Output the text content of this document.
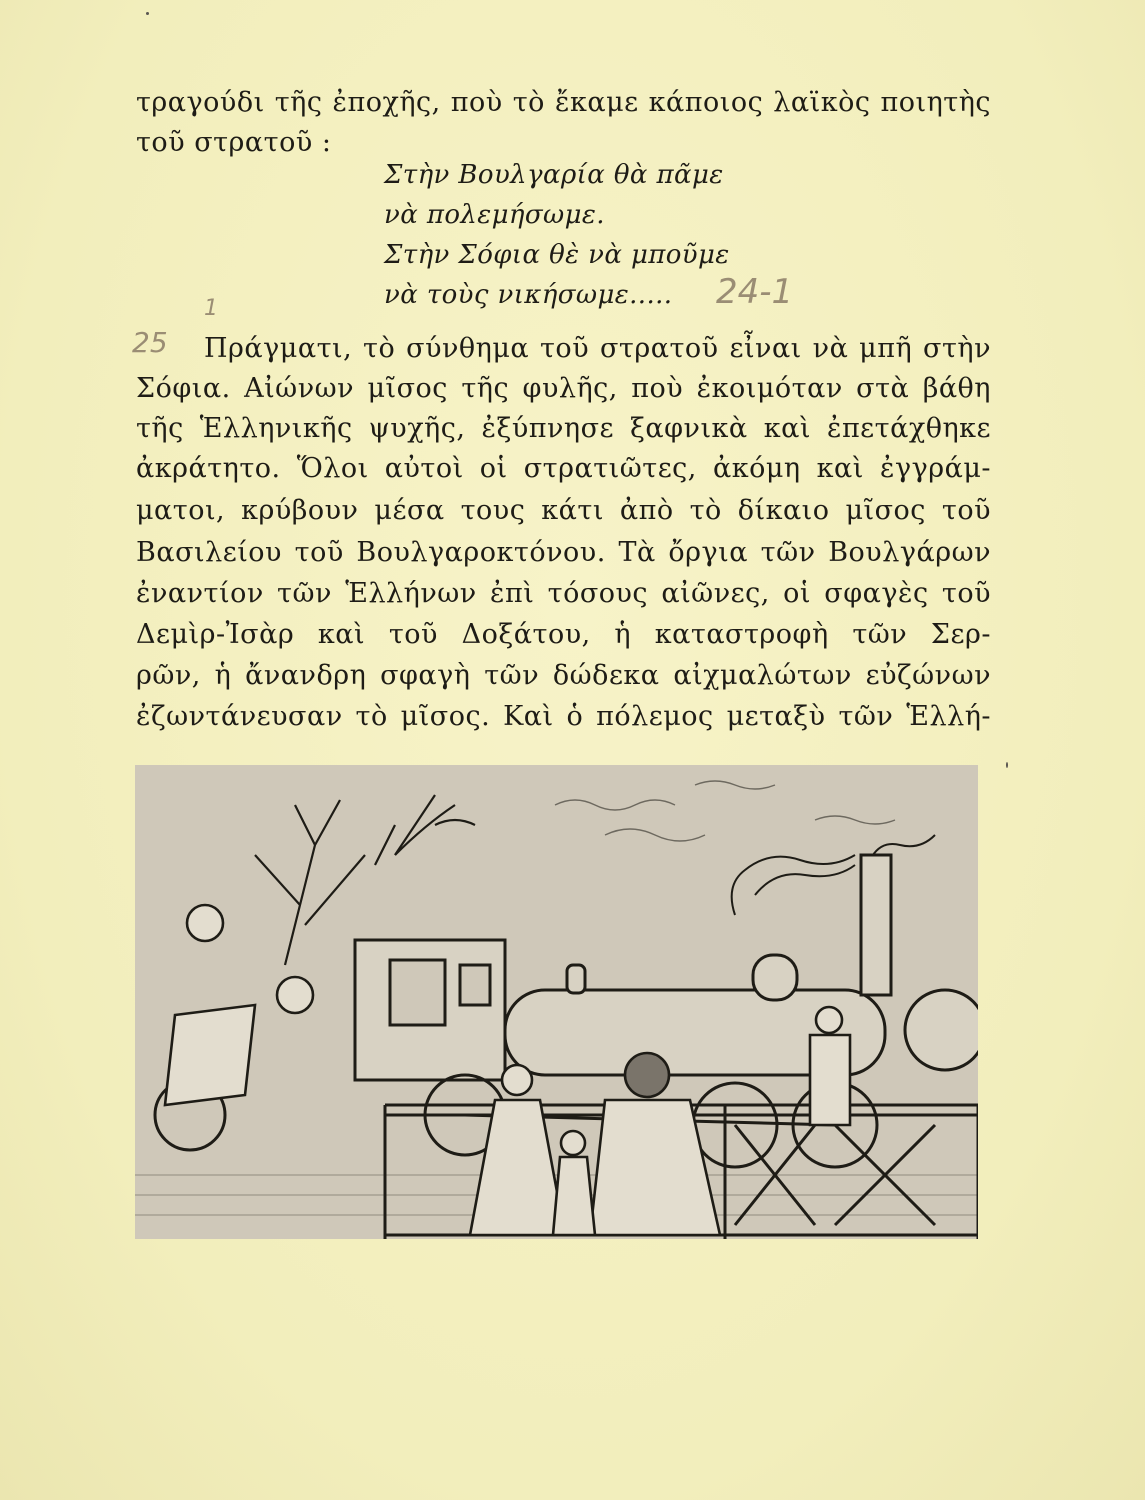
τραγούδι τῆς ἐποχῆς, ποὺ τὸ ἔκαμε κάποιος λαϊκὸς ποιητὴς
τοῦ στρατοῦ :
Στὴν Βουλγαρία θὰ πᾶμε
νὰ πολεμήσωμε.
Στὴν Σόφια θὲ νὰ μποῦμε
νὰ τοὺς νικήσωμε..... 24-1
1
25 Πράγματι, τὸ σύνθημα τοῦ στρατοῦ εἶναι νὰ μπῆ στὴν
Σόφια. Αἰώνων μῖσος τῆς φυλῆς, ποὺ ἐκοιμόταν στὰ βάθη
τῆς Ἑλληνικῆς ψυχῆς, ἐξύπνησε ξαφνικὰ καὶ ἐπετάχθηκε
ἀκράτητο. Ὅλοι αὐτοὶ οἱ στρατιῶτες, ἀκόμη καὶ ἐγγράμ-
ματοι, κρύβουν μέσα τους κάτι ἀπὸ τὸ δίκαιο μῖσος τοῦ
Βασιλείου τοῦ Βουλγαροκτόνου. Τὰ ὄργια τῶν Βουλγάρων
ἐναντίον τῶν Ἑλλήνων ἐπὶ τόσους αἰῶνες, οἱ σφαγὲς τοῦ
Δεμὶρ-Ἰσὰρ καὶ τοῦ Δοξάτου, ἡ καταστροφὴ τῶν Σερ-
ρῶν, ἡ ἄνανδρη σφαγὴ τῶν δώδεκα αἰχμαλώτων εὐζώνων
ἐζωντάνευσαν τὸ μῖσος. Καὶ ὁ πόλεμος μεταξὺ τῶν Ἑλλή-
